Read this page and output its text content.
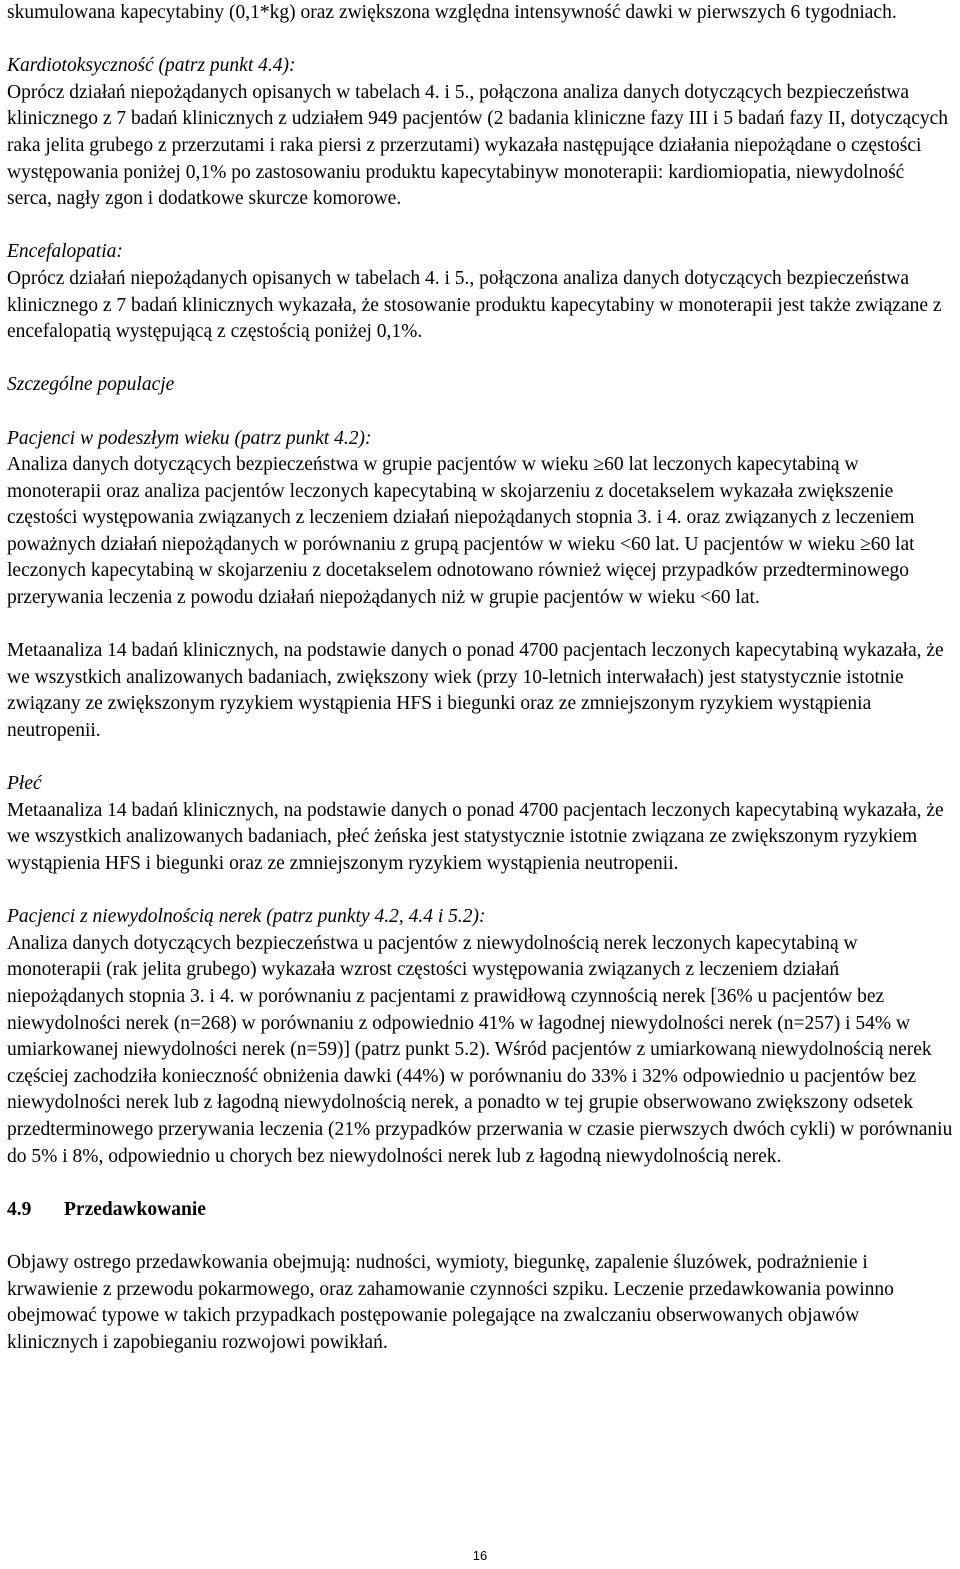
skumulowana kapecytabiny (0,1*kg) oraz zwiększona względna intensywność dawki w pierwszych 6 tygodniach.

Kardiotoksyczność (patrz punkt 4.4):

Oprócz działań niepożądanych opisanych w tabelach 4. i 5., połączona analiza danych dotyczących bezpieczeństwa klinicznego z 7 badań klinicznych z udziałem 949 pacjentów (2 badania kliniczne fazy III i 5 badań fazy II, dotyczących raka jelita grubego z przerzutami i raka piersi z przerzutami) wykazała następujące działania niepożądane o częstości występowania poniżej 0,1% po zastosowaniu produktu kapecytabinyw monoterapii: kardiomiopatia, niewydolność serca, nagły zgon i dodatkowe skurcze komorowe.

Encefalopatia:

Oprócz działań niepożądanych opisanych w tabelach 4. i 5., połączona analiza danych dotyczących bezpieczeństwa klinicznego z 7 badań klinicznych wykazała, że stosowanie produktu kapecytabiny w monoterapii jest także związane z encefalopatią występującą z częstością poniżej 0,1%.

Szczególne populacje

Pacjenci w podeszłym wieku (patrz punkt 4.2):

Analiza danych dotyczących bezpieczeństwa w grupie pacjentów w wieku ≥60 lat leczonych kapecytabiną w monoterapii oraz analiza pacjentów leczonych kapecytabiną w skojarzeniu z docetakselem wykazała zwiększenie częstości występowania związanych z leczeniem działań niepożądanych stopnia 3. i 4. oraz związanych z leczeniem poważnych działań niepożądanych w porównaniu z grupą pacjentów w wieku <60 lat. U pacjentów w wieku ≥60 lat leczonych kapecytabiną w skojarzeniu z docetakselem odnotowano również więcej przypadków przedterminowego przerywania leczenia z powodu działań niepożądanych niż w grupie pacjentów w wieku <60 lat.

Metaanaliza 14 badań klinicznych, na podstawie danych o ponad 4700 pacjentach leczonych kapecytabiną wykazała, że we wszystkich analizowanych badaniach, zwiększony wiek (przy 10-letnich interwałach) jest statystycznie istotnie związany ze zwiększonym ryzykiem wystąpienia HFS i biegunki oraz ze zmniejszonym ryzykiem wystąpienia neutropenii.

Płeć

Metaanaliza 14 badań klinicznych, na podstawie danych o ponad 4700 pacjentach leczonych kapecytabiną wykazała, że we wszystkich analizowanych badaniach, płeć żeńska jest statystycznie istotnie związana ze zwiększonym ryzykiem wystąpienia HFS i biegunki oraz ze zmniejszonym ryzykiem wystąpienia neutropenii.

Pacjenci z niewydolnością nerek (patrz punkty 4.2, 4.4 i 5.2):

Analiza danych dotyczących bezpieczeństwa u pacjentów z niewydolnością nerek leczonych kapecytabiną w monoterapii (rak jelita grubego) wykazała wzrost częstości występowania związanych z leczeniem działań niepożądanych stopnia 3. i 4. w porównaniu z pacjentami z prawidłową czynnością nerek [36% u pacjentów bez niewydolności nerek (n=268) w porównaniu z odpowiednio 41% w łagodnej niewydolności nerek (n=257) i 54% w umiarkowanej niewydolności nerek (n=59)] (patrz punkt 5.2). Wśród pacjentów z umiarkowaną niewydolnością nerek częściej zachodziła konieczność obniżenia dawki (44%) w porównaniu do 33% i 32% odpowiednio u pacjentów bez niewydolności nerek lub z łagodną niewydolnością nerek, a ponadto w tej grupie obserwowano zwiększony odsetek przedterminowego przerywania leczenia (21% przypadków przerwania w czasie pierwszych dwóch cykli) w porównaniu do 5% i 8%, odpowiednio u chorych bez niewydolności nerek lub z łagodną niewydolnością nerek.

4.9	Przedawkowanie

Objawy ostrego przedawkowania obejmują: nudności, wymioty, biegunkę, zapalenie śluzówek, podrażnienie i krwawienie z przewodu pokarmowego, oraz zahamowanie czynności szpiku. Leczenie przedawkowania powinno obejmować typowe w takich przypadkach postępowanie polegające na zwalczaniu obserwowanych objawów klinicznych i zapobieganiu rozwojowi powikłań.

16
